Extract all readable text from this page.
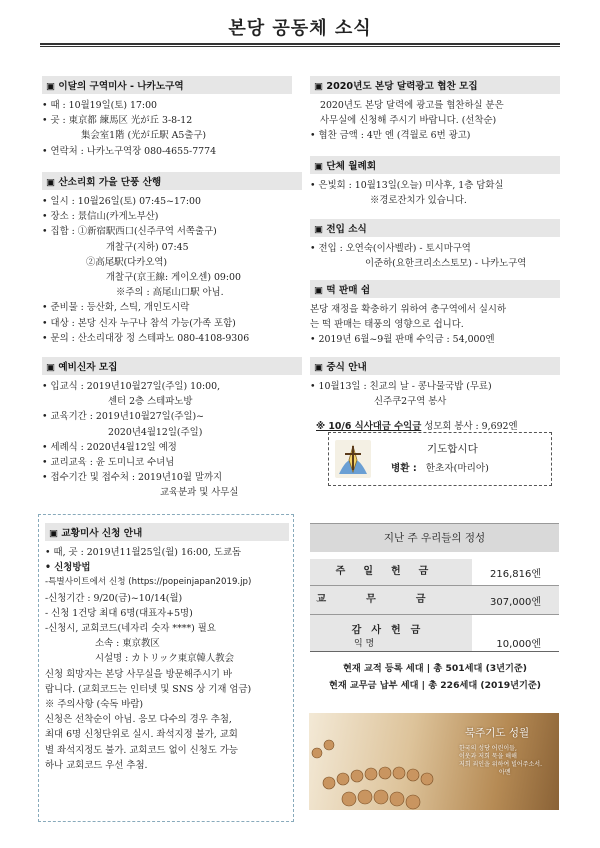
본당 공동체 소식
▣ 이달의 구역미사 - 나카노구역
• 때 : 10월19일(토) 17:00
• 곳 : 東京都 練馬区 光が丘 3-8-12
集会室1階 (光が丘駅 A5출구)
• 연락처 : 나카노구역장 080-4655-7774
▣ 산소리회 가을 단풍 산행
• 일시 : 10월26일(토) 07:45~17:00
• 장소 : 景信山(카게노부산)
• 집합 : ①新宿駅西口(신주쿠역 서쪽출구)
개찰구(지하) 07:45
②高尾駅(다카오역)
개찰구(京王線: 게이오센) 09:00
※주의 : 高尾山口駅 아님.
• 준비물 : 등산화, 스틱, 개인도시락
• 대상 : 본당 신자 누구나 참석 가능(가족 포함)
• 문의 : 산소리대장 정 스테파노 080-4108-9306
▣ 예비신자 모집
• 입교식 : 2019년10월27일(주일) 10:00,
센터 2층 스테파노방
• 교육기간 : 2019년10월27일(주일)~
2020년4월12일(주일)
• 세례식 : 2020년4월12일 예정
• 교리교육 : 윤 도미니코 수녀님
• 접수기간 및 접수처 : 2019년10월 말까지
교육분과 및 사무실
▣ 교황미사 신청 안내
• 때, 곳 : 2019년11월25일(월) 16:00, 도쿄돔
• 신청방법
-특별사이트에서 신청 (https://popeinjapan2019.jp)
-신청기간 : 9/20(금)~10/14(월)
- 신청 1건당 최대 6명(대표자+5명)
-신청시, 교회코드(네자리 숫자 ****) 필요
소속 : 東京教区
시설명 : カトリック東京韓人教会
신청 희망자는 본당 사무실을 방문해주시기 바
랍니다. (교회코드는 인터넷 및 SNS 상 기재 엄금)
※ 주의사항 (숙독 바람)
신청은 선착순이 아님. 응모 다수의 경우 추첨,
최대 6명 신청단위로 실시. 좌석지정 불가, 교회
별 좌석지정도 불가. 교회코드 없이 신청도 가능
하나 교회코드 우선 추첨.
▣ 2020년도 본당 달력광고 협찬 모집
2020년도 본당 달력에 광고를 협찬하실 분은
사무실에 신청해 주시기 바랍니다. (선착순)
• 협찬 금액 : 4만 엔 (격월로 6번 광고)
▣ 단체 월례회
• 은빛회 : 10월13일(오늘) 미사후, 1층 담화실
※경로잔치가 있습니다.
▣ 전입 소식
• 전입 : 오연숙(이사벨라) - 토시마구역
이준하(요한크리소스토모) - 나카노구역
▣ 떡 판매 쉼
본당 재정을 확충하기 위하여 총구역에서 실시하
는 떡 판매는 태풍의 영향으로 쉽니다.
• 2019년 6월~9월 판매 수익금 : 54,000엔
▣ 중식 안내
• 10월13일 : 친교의 날 - 콩나물국밥 (무료)
신주쿠2구역 봉사
※ 10/6 식사대금 수익금 성모회 봉사 : 9,692엔
기도합시다
병환 : 한초자(마리아)
지난 주 우리들의 정성
주일헌금	216,816엔
교무금	307,000엔
감사헌금
익 명	10,000엔
현재 교적 등록 세대 | 총 501세대 (3년기준)
현재 교무금 납부 세대 | 총 226세대 (2019년기준)
묵주기도 성월
한국의 성당 어린이들,
이웃과 저희 묵을 해해
저희 죄인을 위하여 빌어주소서.
아멘
